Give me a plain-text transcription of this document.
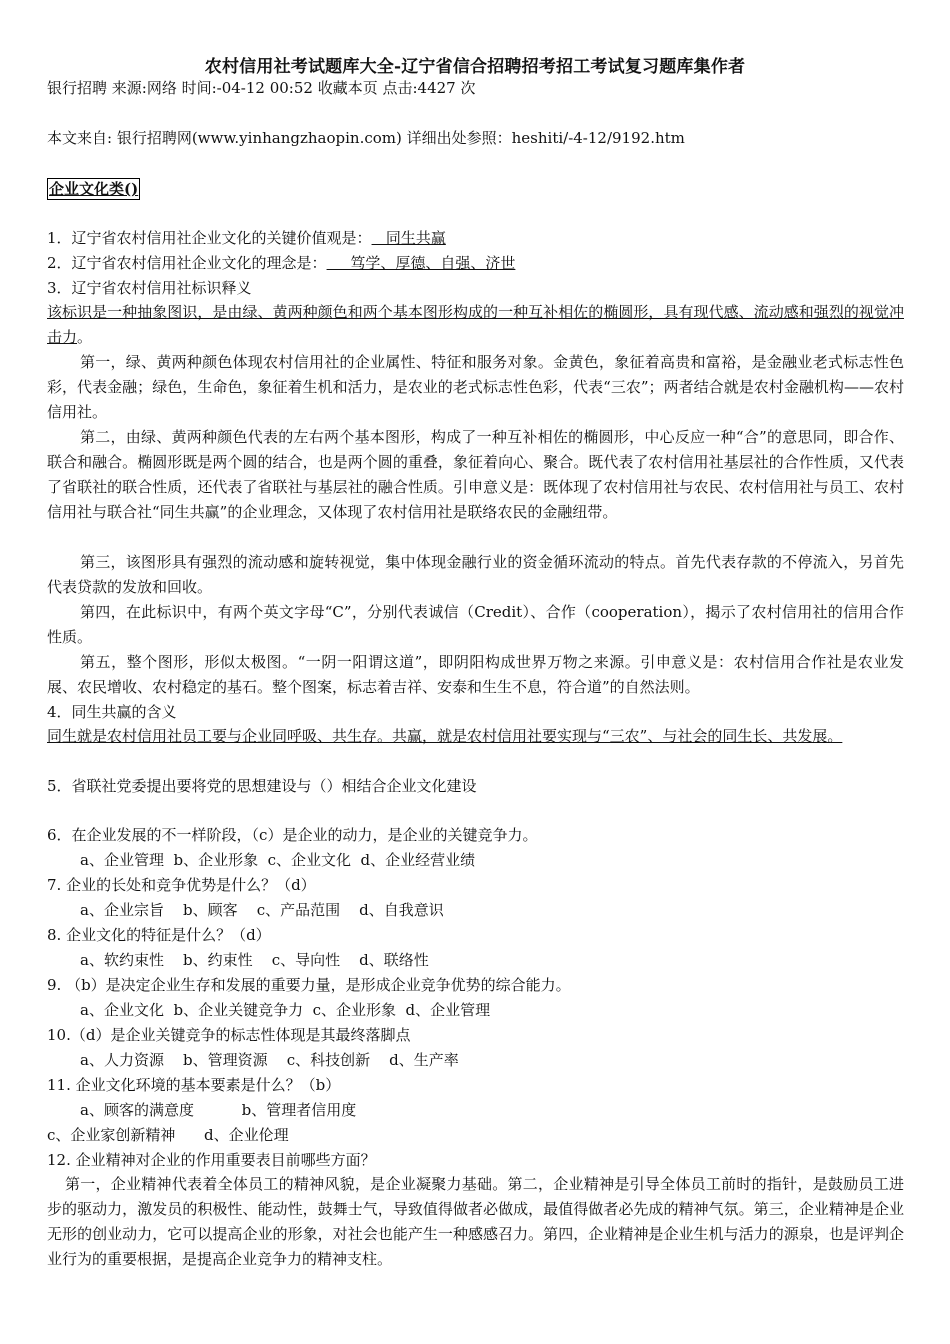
农村信用社考试题库大全-辽宁省信合招聘招考招工考试复习题库集作者
银行招聘 来源:网络 时间:-04-12 00:52 收藏本页 点击:4427 次
本文来自: 银行招聘网(www.yinhangzhaopin.com) 详细出处参照：heshiti/-4-12/9192.htm
企业文化类()
1．辽宁省农村信用社企业文化的关键价值观是：   同生共赢
2．辽宁省农村信用社企业文化的理念是：     笃学、厚德、自强、济世
3．辽宁省农村信用社标识释义
该标识是一种抽象图识，是由绿、黄两种颜色和两个基本图形构成的一种互补相佐的椭圆形，具有现代感、流动感和强烈的视觉冲击力。
第一，绿、黄两种颜色体现农村信用社的企业属性、特征和服务对象。金黄色，象征着高贵和富裕，是金融业老式标志性色彩，代表金融；绿色，生命色，象征着生机和活力，是农业的老式标志性色彩，代表“三农”；两者结合就是农村金融机构——农村信用社。
第二，由绿、黄两种颜色代表的左右两个基本图形，构成了一种互补相佐的椭圆形，中心反应一种“合”的意思同，即合作、联合和融合。椭圆形既是两个圆的结合，也是两个圆的重叠，象征着向心、聚合。既代表了农村信用社基层社的合作性质，又代表了省联社的联合性质，还代表了省联社与基层社的融合性质。引申意义是：既体现了农村信用社与农民、农村信用社与员工、农村信用社与联合社“同生共赢”的企业理念，又体现了农村信用社是联络农民的金融纽带。
第三，该图形具有强烈的流动感和旋转视觉，集中体现金融行业的资金循环流动的特点。首先代表存款的不停流入，另首先代表贷款的发放和回收。
第四，在此标识中，有两个英文字母“C”，分别代表诚信（Credit）、合作（cooperation），揭示了农村信用社的信用合作性质。
第五，整个图形，形似太极图。“一阴一阳谓这道”，即阴阳构成世界万物之来源。引申意义是：农村信用合作社是农业发展、农民增收、农村稳定的基石。整个图案，标志着吉祥、安泰和生生不息，符合道”的自然法则。
4．同生共赢的含义
同生就是农村信用社员工要与企业同呼吸、共生存。共赢，就是农村信用社要实现与“三农”、与社会的同生长、共发展。
5．省联社党委提出要将党的思想建设与（）相结合企业文化建设
6．在企业发展的不一样阶段，（c）是企业的动力，是企业的关键竞争力。
a、企业管理  b、企业形象  c、企业文化  d、企业经营业绩
7. 企业的长处和竞争优势是什么？（d）
a、企业宗旨    b、顾客    c、产品范围    d、自我意识
8. 企业文化的特征是什么？（d）
a、软约束性    b、约束性    c、导向性    d、联络性
9. （b）是决定企业生存和发展的重要力量，是形成企业竞争优势的综合能力。
a、企业文化  b、企业关键竞争力  c、企业形象  d、企业管理
10.（d）是企业关键竞争的标志性体现是其最终落脚点
a、人力资源    b、管理资源    c、科技创新    d、生产率
11. 企业文化环境的基本要素是什么？（b）
a、顾客的满意度          b、管理者信用度
c、企业家创新精神      d、企业伦理
12. 企业精神对企业的作用重要表目前哪些方面？
第一，企业精神代表着全体员工的精神风貌，是企业凝聚力基础。第二，企业精神是引导全体员工前时的指针，是鼓励员工进步的驱动力，激发员的积极性、能动性，鼓舞士气，导致值得做者必做成，最值得做者必先成的精神气氛。第三，企业精神是企业无形的创业动力，它可以提高企业的形象，对社会也能产生一种感感召力。第四，企业精神是企业生机与活力的源泉，也是评判企业行为的重要根据，是提高企业竞争力的精神支柱。
